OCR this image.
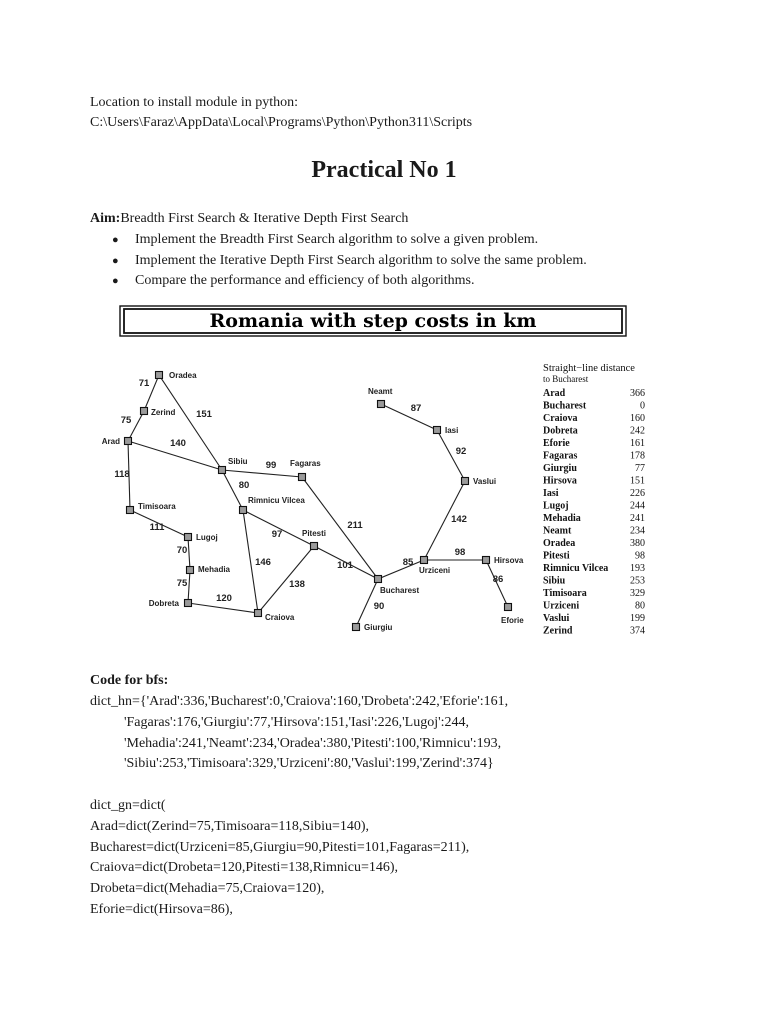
Location to install module in python:
C:\Users\Faraz\AppData\Local\Programs\Python\Python311\Scripts
Practical No 1
Aim:Breadth First Search & Iterative Depth First Search
● Implement the Breadth First Search algorithm to solve a given problem.
● Implement the Iterative Depth First Search algorithm to solve the same problem.
● Compare the performance and efficiency of both algorithms.
Romania with step costs in km
71
75
151
140
118
111
70
75
120
99
80
97
146
138
101
211
90
85
98
86
142
92
87
Oradea
Zerind
Arad
Timisoara
Lugoj
Mehadia
Dobreta
Craiova
Sibiu
Rimnicu Vilcea
Fagaras
Pitesti
Bucharest
Giurgiu
Urziceni
Hirsova
Eforie
Vaslui
Iasi
Neamt
Straight−line distance
to Bucharest
Arad	366
Bucharest	0
Craiova	160
Dobreta	242
Eforie	161
Fagaras	178
Giurgiu	77
Hirsova	151
Iasi	226
Lugoj	244
Mehadia	241
Neamt	234
Oradea	380
Pitesti	98
Rimnicu Vilcea 193
Sibiu	253
Timisoara	329
Urziceni	80
Vaslui	199
Zerind	374
Code for bfs:
dict_hn={'Arad':336,'Bucharest':0,'Craiova':160,'Drobeta':242,'Eforie':161,
'Fagaras':176,'Giurgiu':77,'Hirsova':151,'Iasi':226,'Lugoj':244,
'Mehadia':241,'Neamt':234,'Oradea':380,'Pitesti':100,'Rimnicu':193,
'Sibiu':253,'Timisoara':329,'Urziceni':80,'Vaslui':199,'Zerind':374}
dict_gn=dict(
Arad=dict(Zerind=75,Timisoara=118,Sibiu=140),
Bucharest=dict(Urziceni=85,Giurgiu=90,Pitesti=101,Fagaras=211),
Craiova=dict(Drobeta=120,Pitesti=138,Rimnicu=146),
Drobeta=dict(Mehadia=75,Craiova=120),
Eforie=dict(Hirsova=86),
